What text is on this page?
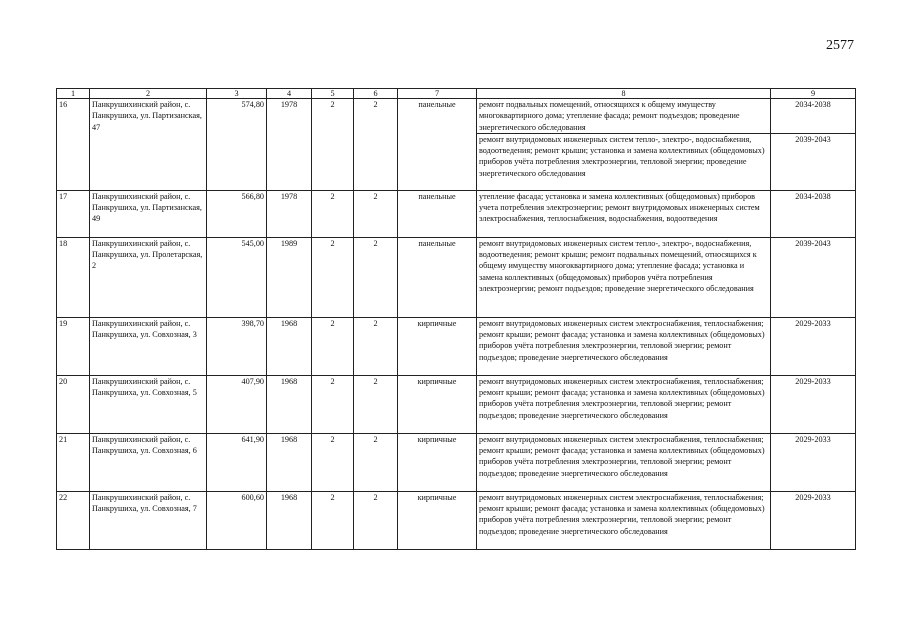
2577
1	2	3	4	5	6	7	8	9
16	Панкрушихинский район, с. Панкрушиха, ул. Партизанская, 47	574,80	1978	2	2	панельные	ремонт подвальных помещений, относящихся к общему имуществу многоквартирного дома; утепление фасада; ремонт подъездов; проведение энергетического обследования	2034-2038
							ремонт внутридомовых инженерных систем тепло-, электро-, водоснабжения, водоотведения; ремонт крыши; установка и замена коллективных (общедомовых) приборов учёта потребления электроэнергии, тепловой энергии; проведение энергетического обследования	2039-2043
17	Панкрушихинский район, с. Панкрушиха, ул. Партизанская, 49	566,80	1978	2	2	панельные	утепление фасада; установка и замена коллективных (общедомовых) приборов учета потребления электроэнергии; ремонт внутридомовых инженерных систем электроснабжения, теплоснабжения, водоснабжения, водоотведения	2034-2038
18	Панкрушихинский район, с. Панкрушиха, ул. Пролетарская, 2	545,00	1989	2	2	панельные	ремонт внутридомовых инженерных систем тепло-, электро-, водоснабжения, водоотведения; ремонт крыши; ремонт подвальных помещений, относящихся к общему имуществу многоквартирного дома; утепление фасада; установка и замена коллективных (общедомовых) приборов учёта потребления электроэнергии; ремонт подъездов; проведение энергетического обследования	2039-2043
19	Панкрушихинский район, с. Панкрушиха, ул. Совхозная, 3	398,70	1968	2	2	кирпичные	ремонт внутридомовых инженерных систем электроснабжения, теплоснабжения; ремонт крыши; ремонт фасада; установка и замена коллективных (общедомовых) приборов учёта потребления электроэнергии, тепловой энергии; ремонт подъездов; проведение энергетического обследования	2029-2033
20	Панкрушихинский район, с. Панкрушиха, ул. Совхозная, 5	407,90	1968	2	2	кирпичные	ремонт внутридомовых инженерных систем электроснабжения, теплоснабжения; ремонт крыши; ремонт фасада; установка и замена коллективных (общедомовых) приборов учёта потребления электроэнергии, тепловой энергии; ремонт подъездов; проведение энергетического обследования	2029-2033
21	Панкрушихинский район, с. Панкрушиха, ул. Совхозная, 6	641,90	1968	2	2	кирпичные	ремонт внутридомовых инженерных систем электроснабжения, теплоснабжения; ремонт крыши; ремонт фасада; установка и замена коллективных (общедомовых) приборов учёта потребления электроэнергии, тепловой энергии; ремонт подъездов; проведение энергетического обследования	2029-2033
22	Панкрушихинский район, с. Панкрушиха, ул. Совхозная, 7	600,60	1968	2	2	кирпичные	ремонт внутридомовых инженерных систем электроснабжения, теплоснабжения; ремонт крыши; ремонт фасада; установка и замена коллективных (общедомовых) приборов учёта потребления электроэнергии, тепловой энергии; ремонт подъездов; проведение энергетического обследования	2029-2033
